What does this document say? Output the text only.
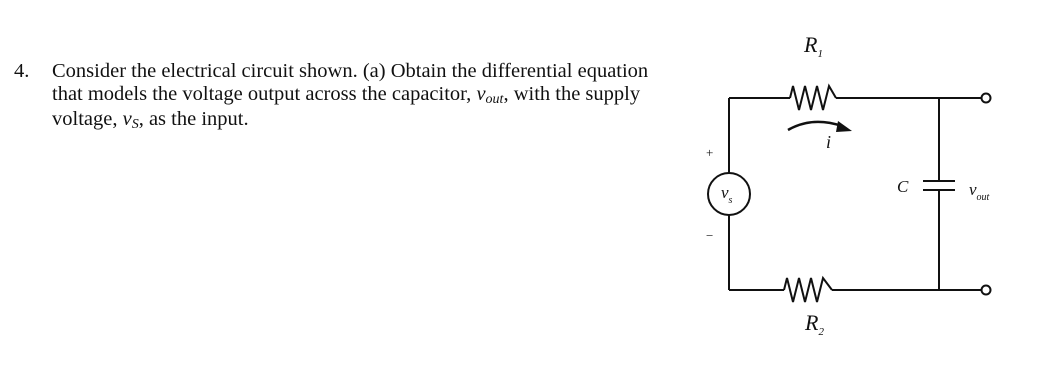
4. Consider the electrical circuit shown. (a) Obtain the differential equation that models the voltage output across the capacitor, vout, with the supply voltage, vS, as the input.
$R_1$
i
$v_s$
+
−
$R_2$
C	$v_{out}$
